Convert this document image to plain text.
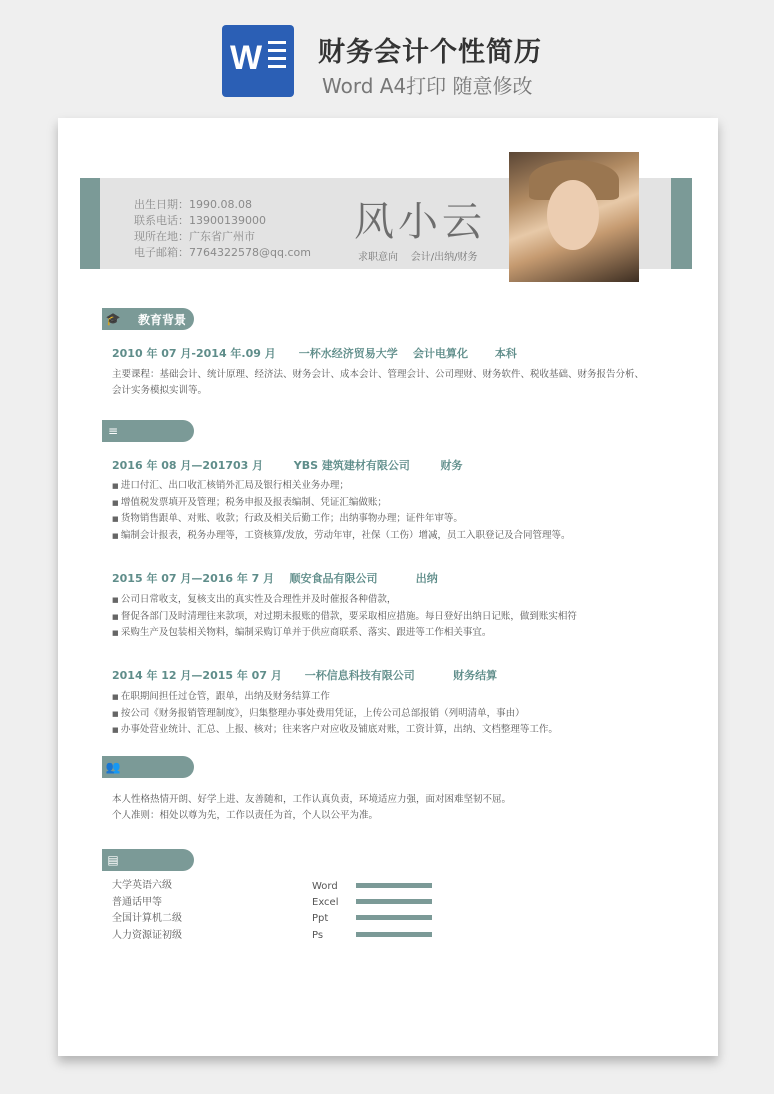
W 财务会计个性简历
Word A4打印 随意修改
出生日期：1990.08.08
联系电话：13900139000
现所在地：广东省广州市
电子邮箱：7764322578@qq.com
风小云
求职意向 会计/出纳/财务
🎓 教育背景
2010 年 07 月-2014 年.09 月      一杯水经济贸易大学    会计电算化       本科
主要课程：基础会计、统计原理、经济法、财务会计、成本会计、管理会计、公司理财、财务软件、税收基础、财务报告分析、会计实务模拟实训等。
≡
2016 年 08 月—201703 月        YBS 建筑建材有限公司        财务
■ 进口付汇、出口收汇核销外汇局及银行相关业务办理；
■ 增值税发票填开及管理；税务申报及报表编制、凭证汇编做账；
■ 货物销售跟单、对账、收款；行政及相关后勤工作；出纳事物办理；证件年审等。
■ 编制会计报表，税务办理等，工资核算/发放，劳动年审，社保（工伤）增减，员工入职登记及合同管理等。
2015 年 07 月—2016 年 7 月    顺安食品有限公司          出纳
■ 公司日常收支，复核支出的真实性及合理性并及时催报各种借款，
■ 督促各部门及时清理往来款项，对过期未报账的借款，要采取相应措施。每日登好出纳日记账，做到账实相符
■ 采购生产及包装相关物料，编制采购订单并于供应商联系、落实、跟进等工作相关事宜。
2014 年 12 月—2015 年 07 月      一杯信息科技有限公司          财务结算
■ 在职期间担任过仓管，跟单，出纳及财务结算工作
■ 按公司《财务报销管理制度》，归集整理办事处费用凭证，上传公司总部报销（列明清单，事由）
■ 办事处营业统计、汇总、上报、核对；往来客户对应收及铺底对账，工资计算，出纳、文档整理等工作。
👥
本人性格热情开朗、好学上进、友善随和，工作认真负责，环境适应力强，面对困难坚韧不屈。
个人准则：相处以尊为先，工作以责任为首，个人以公平为准。
▤
大学英语六级
普通话甲等
全国计算机二级
人力资源证初级
Word
Excel
Ppt
Ps
